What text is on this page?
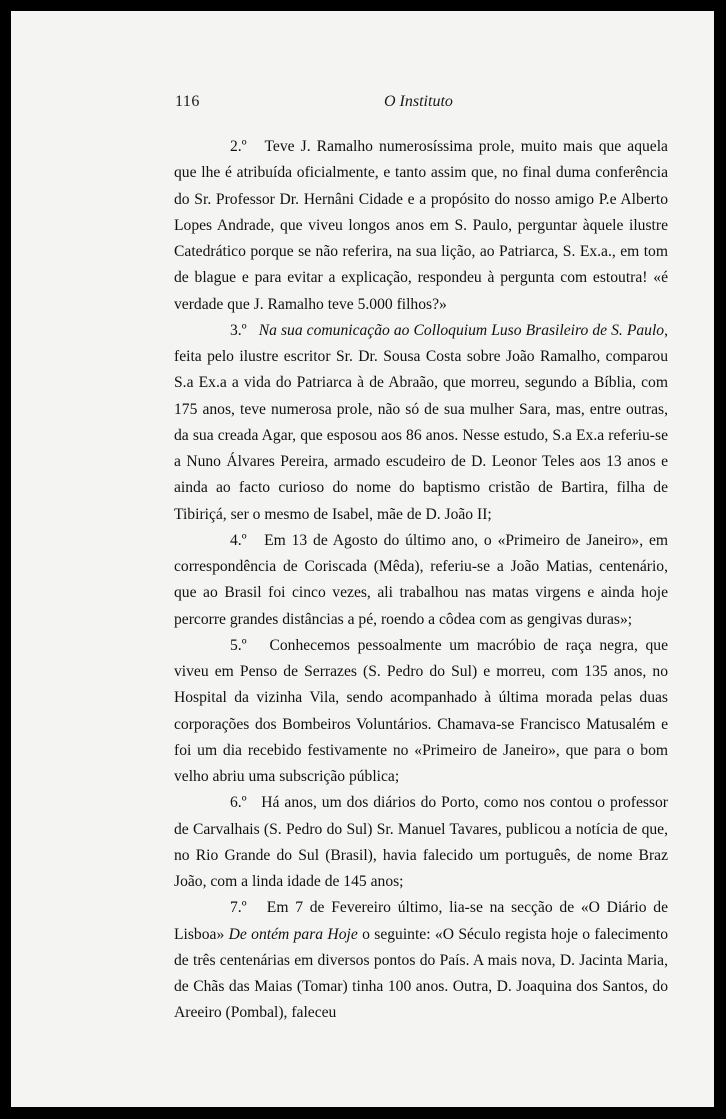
116	O Instituto

2.º Teve J. Ramalho numerosíssima prole, muito mais que aquela que lhe é atribuída oficialmente, e tanto assim que, no final duma conferência do Sr. Professor Dr. Hernâni Cidade e a propósito do nosso amigo P.e Alberto Lopes Andrade, que viveu longos anos em S. Paulo, perguntar àquele ilustre Catedrático porque se não referira, na sua lição, ao Patriarca, S. Ex.a., em tom de blague e para evitar a explicação, respondeu à pergunta com estoutra! «é verdade que J. Ramalho teve 5.000 filhos?»

3.º Na sua comunicação ao Colloquium Luso Brasileiro de S. Paulo, feita pelo ilustre escritor Sr. Dr. Sousa Costa sobre João Ramalho, comparou S.a Ex.a a vida do Patriarca à de Abraão, que morreu, segundo a Bíblia, com 175 anos, teve numerosa prole, não só de sua mulher Sara, mas, entre outras, da sua creada Agar, que esposou aos 86 anos. Nesse estudo, S.a Ex.a referiu-se a Nuno Álvares Pereira, armado escudeiro de D. Leonor Teles aos 13 anos e ainda ao facto curioso do nome do baptismo cristão de Bartira, filha de Tibiriçá, ser o mesmo de Isabel, mãe de D. João II;

4.º Em 13 de Agosto do último ano, o «Primeiro de Janeiro», em correspondência de Coriscada (Mêda), referiu-se a João Matias, centenário, que ao Brasil foi cinco vezes, ali trabalhou nas matas virgens e ainda hoje percorre grandes distâncias a pé, roendo a côdea com as gengivas duras»;

5.º Conhecemos pessoalmente um macróbio de raça negra, que viveu em Penso de Serrazes (S. Pedro do Sul) e morreu, com 135 anos, no Hospital da vizinha Vila, sendo acompanhado à última morada pelas duas corporações dos Bombeiros Voluntários. Chamava-se Francisco Matusalém e foi um dia recebido festivamente no «Primeiro de Janeiro», que para o bom velho abriu uma subscrição pública;

6.º Há anos, um dos diários do Porto, como nos contou o professor de Carvalhais (S. Pedro do Sul) Sr. Manuel Tavares, publicou a notícia de que, no Rio Grande do Sul (Brasil), havia falecido um português, de nome Braz João, com a linda idade de 145 anos;

7.º Em 7 de Fevereiro último, lia-se na secção de «O Diário de Lisboa» De ontém para Hoje o seguinte: «O Século regista hoje o falecimento de três centenárias em diversos pontos do País. A mais nova, D. Jacinta Maria, de Chãs das Maias (Tomar) tinha 100 anos. Outra, D. Joaquina dos Santos, do Areeiro (Pombal), faleceu
